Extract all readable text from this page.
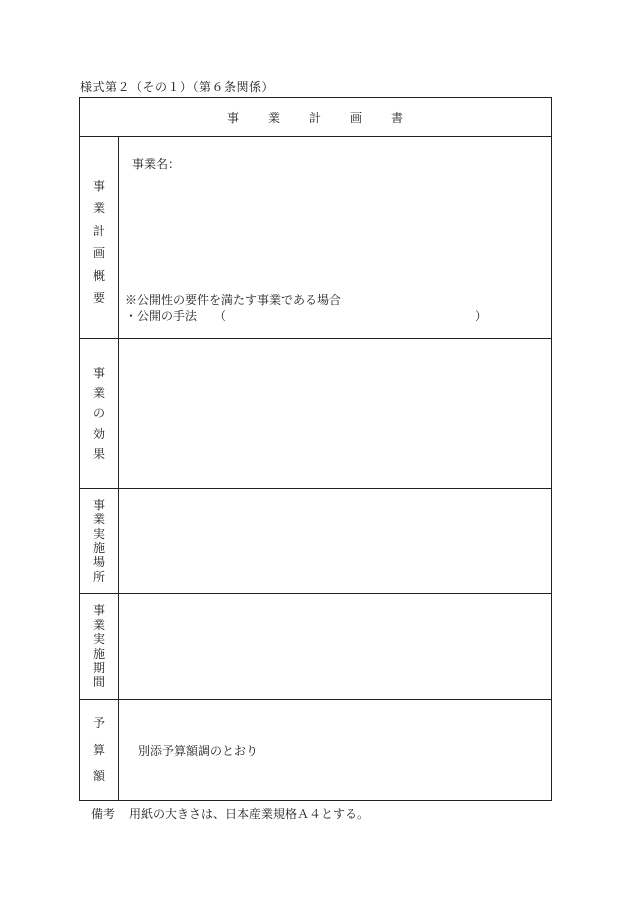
様式第２（その１）（第６条関係）
事 業 計 画 書
事
業
計
画
概
要
事業名：
※公開性の要件を満たす事業である場合
・公開の手法 （	）
事
業
の
効
果
事
業
実
施
場
所
事
業
実
施
期
間
予
算
額
別添予算額調のとおり
備考 用紙の大きさは、日本産業規格Ａ４とする。
